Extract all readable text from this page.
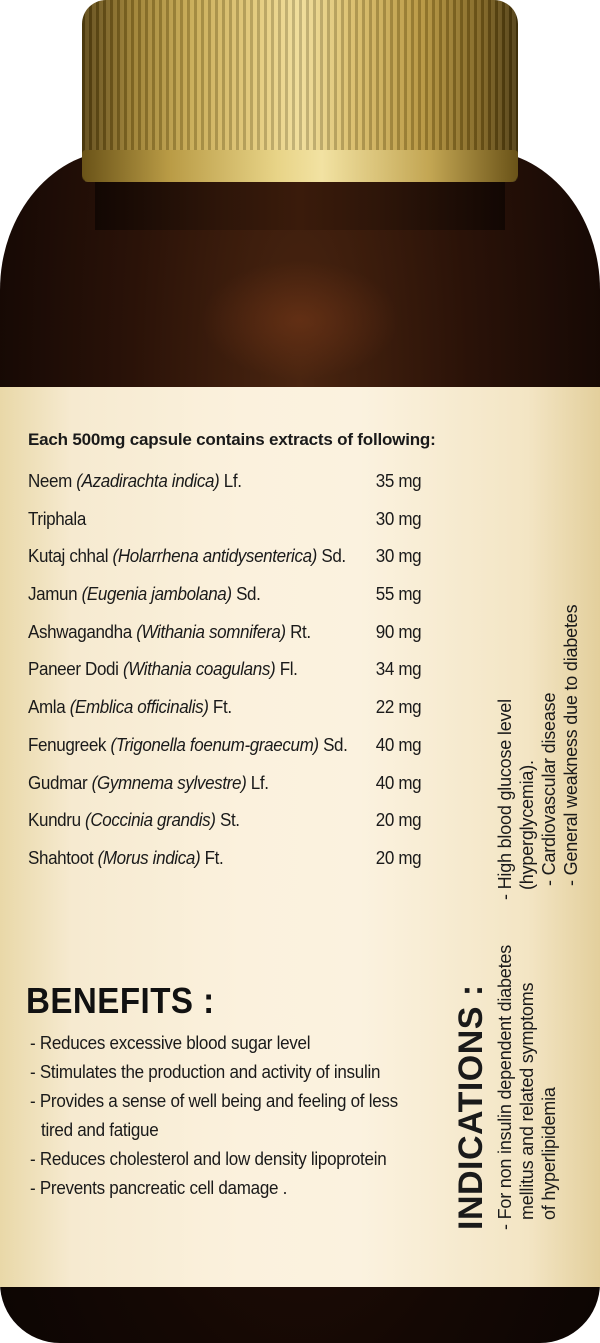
Each 500mg capsule contains extracts of following:
Neem (Azadirachta indica) Lf.	35 mg
Triphala	30 mg
Kutaj chhal (Holarrhena antidysenterica) Sd. 30 mg
Jamun (Eugenia jambolana) Sd.	55 mg
Ashwagandha (Withania somnifera) Rt.	90 mg
Paneer Dodi (Withania coagulans) Fl.	34 mg
Amla (Emblica officinalis) Ft.	22 mg
Fenugreek (Trigonella foenum-graecum) Sd. 40 mg
Gudmar (Gymnema sylvestre) Lf.	40 mg
Kundru (Coccinia grandis) St.	20 mg
Shahtoot (Morus indica) Ft.	20 mg
BENEFITS :
- Reduces excessive blood sugar level
- Stimulates the production and activity of insulin
- Provides a sense of well being and feeling of less
tired and fatigue
- Reduces cholesterol and low density lipoprotein
- Prevents pancreatic cell damage .	INDICATIONS : - For non insulin dependent diabetes mellitus and related symptoms of hyperlipidemia
- High blood glucose level (hyperglycemia). - Cardiovascular disease - General weakness due to diabetes
